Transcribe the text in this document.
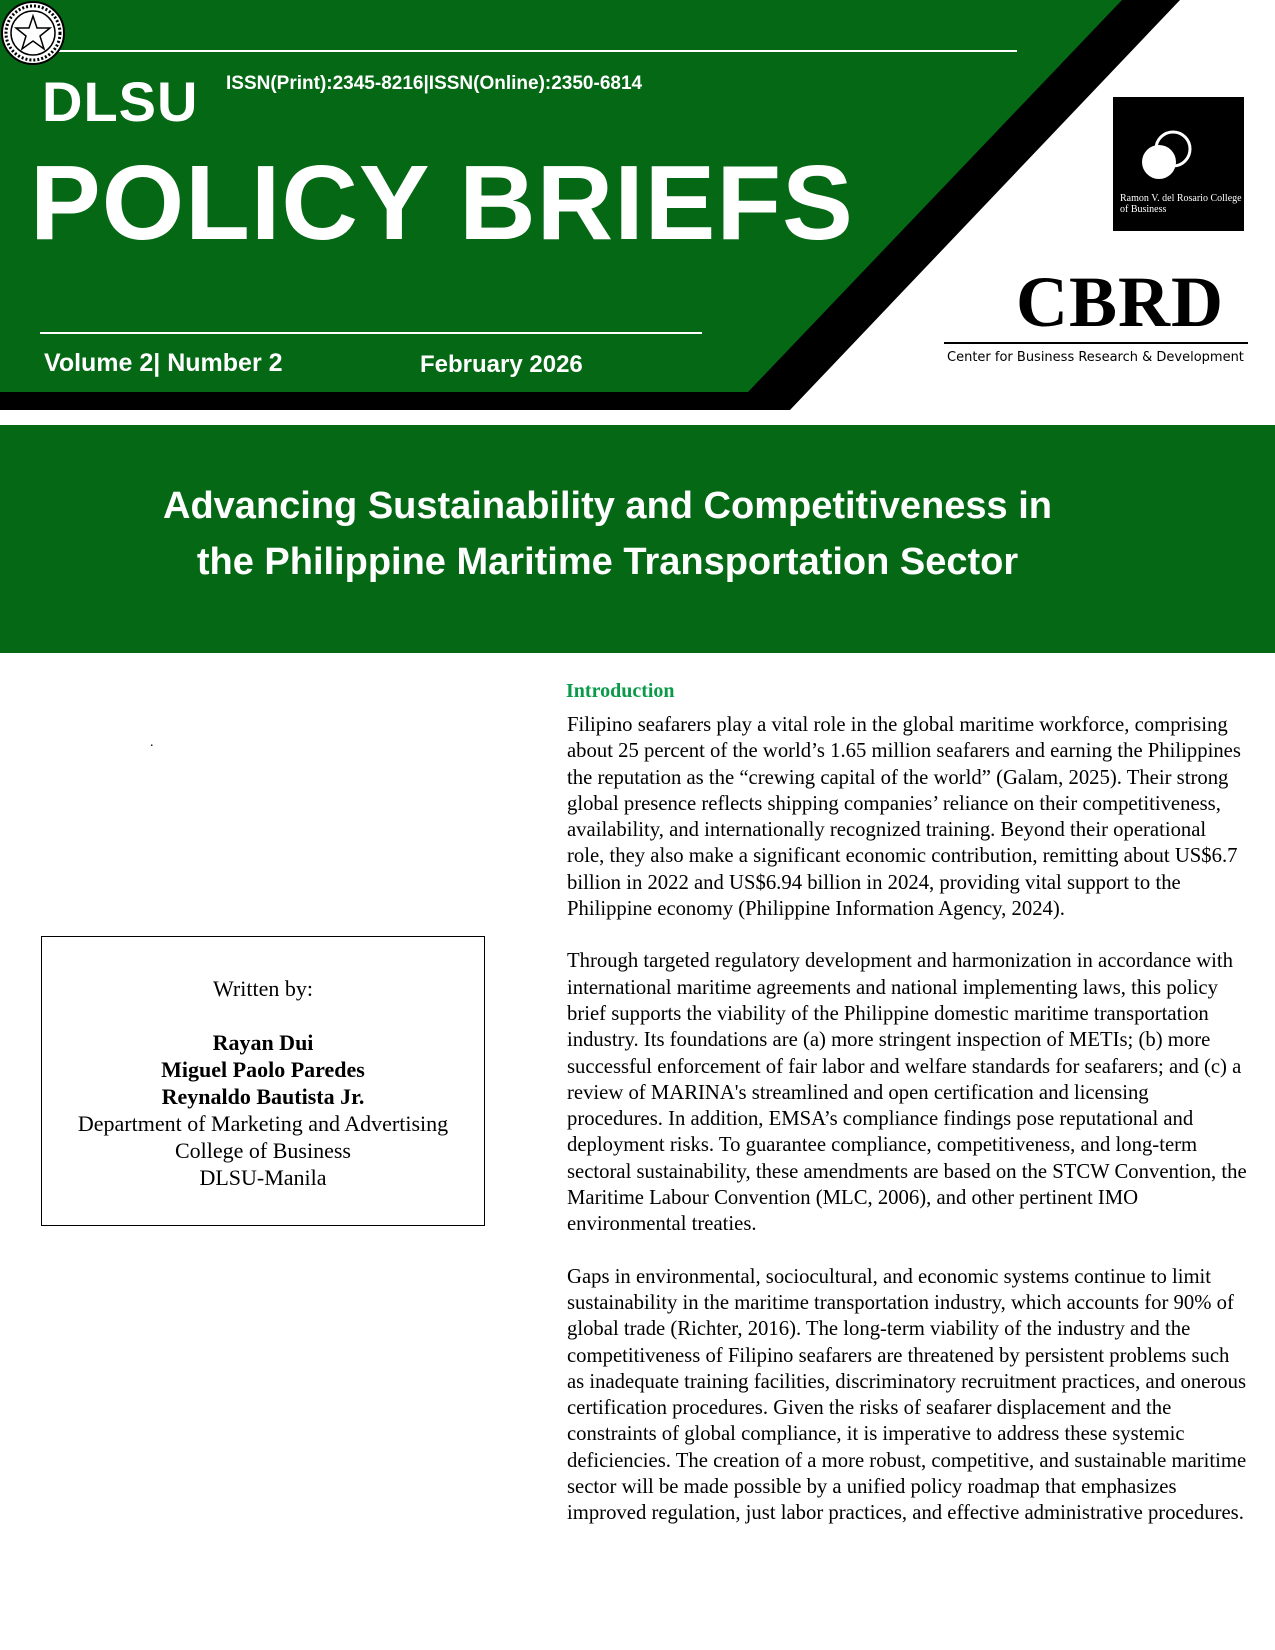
DLSU ISSN(Print):2345-8216|ISSN(Online):2350-6814
POLICY BRIEFS
Volume 2| Number 2	February 2026
Ramon V. del Rosario College of Business
CBRD
Center for Business Research & Development
Advancing Sustainability and Competitiveness in
the Philippine Maritime Transportation Sector
.
Written by:
Rayan Dui
Miguel Paolo Paredes
Reynaldo Bautista Jr.
Department of Marketing and Advertising
College of Business
DLSU-Manila
Introduction

Filipino seafarers play a vital role in the global maritime workforce, comprising about 25 percent of the world’s 1.65 million seafarers and earning the Philippines the reputation as the “crewing capital of the world” (Galam, 2025). Their strong global presence reflects shipping companies’ reliance on their competitiveness, availability, and internationally recognized training. Beyond their operational role, they also make a significant economic contribution, remitting about US$6.7 billion in 2022 and US$6.94 billion in 2024, providing vital support to the Philippine economy (Philippine Information Agency, 2024).

Through targeted regulatory development and harmonization in accordance with international maritime agreements and national implementing laws, this policy brief supports the viability of the Philippine domestic maritime transportation industry. Its foundations are (a) more stringent inspection of METIs; (b) more successful enforcement of fair labor and welfare standards for seafarers; and (c) a review of MARINA's streamlined and open certification and licensing procedures. In addition, EMSA’s compliance findings pose reputational and deployment risks. To guarantee compliance, competitiveness, and long-term sectoral sustainability, these amendments are based on the STCW Convention, the Maritime Labour Convention (MLC, 2006), and other pertinent IMO environmental treaties.

Gaps in environmental, sociocultural, and economic systems continue to limit sustainability in the maritime transportation industry, which accounts for 90% of global trade (Richter, 2016). The long-term viability of the industry and the competitiveness of Filipino seafarers are threatened by persistent problems such as inadequate training facilities, discriminatory recruitment practices, and onerous certification procedures. Given the risks of seafarer displacement and the constraints of global compliance, it is imperative to address these systemic deficiencies. The creation of a more robust, competitive, and sustainable maritime sector will be made possible by a unified policy roadmap that emphasizes improved regulation, just labor practices, and effective administrative procedures.
